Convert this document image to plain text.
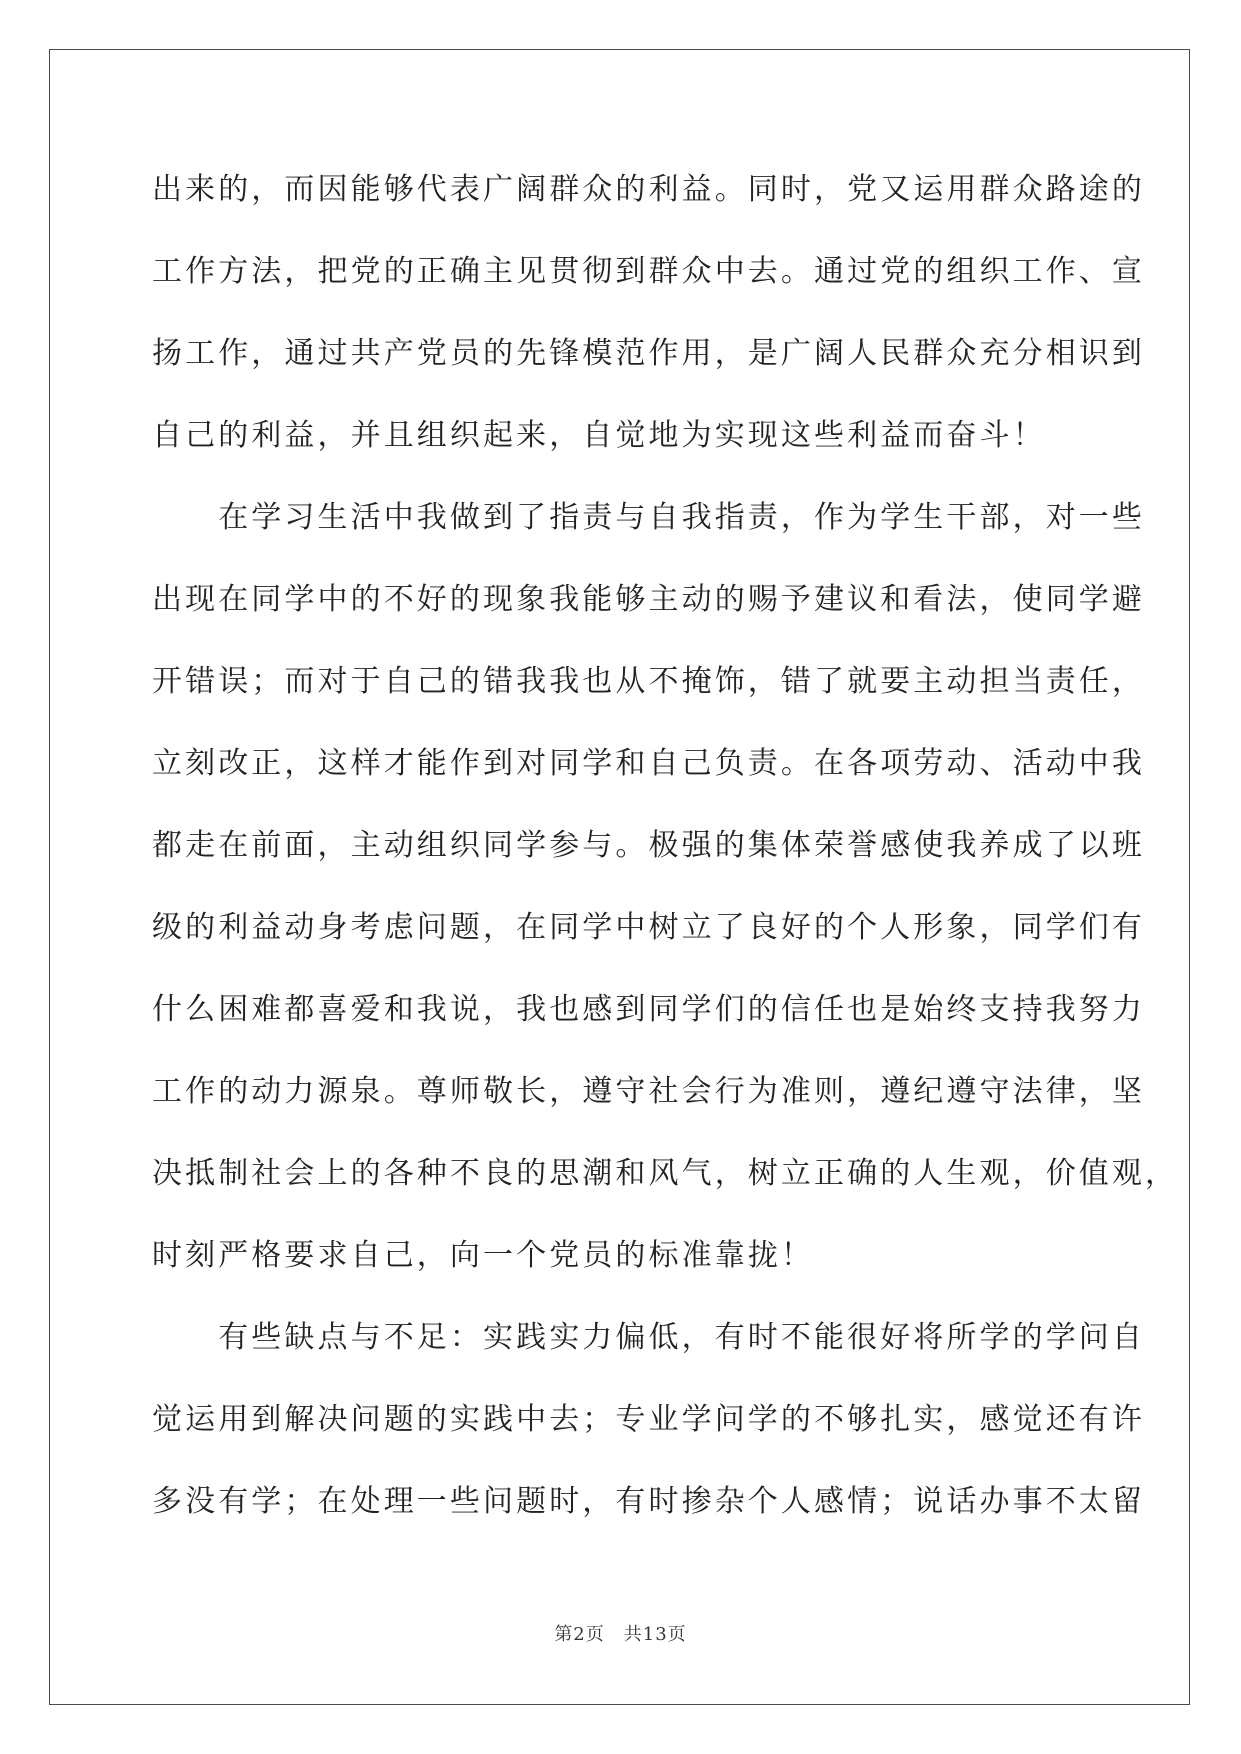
出来的，而因能够代表广阔群众的利益。同时，党又运用群众路途的
工作方法，把党的正确主见贯彻到群众中去。通过党的组织工作、宣
扬工作，通过共产党员的先锋模范作用，是广阔人民群众充分相识到
自己的利益，并且组织起来，自觉地为实现这些利益而奋斗！
　　在学习生活中我做到了指责与自我指责，作为学生干部，对一些
出现在同学中的不好的现象我能够主动的赐予建议和看法，使同学避
开错误；而对于自己的错我我也从不掩饰，错了就要主动担当责任，
立刻改正，这样才能作到对同学和自己负责。在各项劳动、活动中我
都走在前面，主动组织同学参与。极强的集体荣誉感使我养成了以班
级的利益动身考虑问题，在同学中树立了良好的个人形象，同学们有
什么困难都喜爱和我说，我也感到同学们的信任也是始终支持我努力
工作的动力源泉。尊师敬长，遵守社会行为准则，遵纪遵守法律，坚
决抵制社会上的各种不良的思潮和风气，树立正确的人生观，价值观，
时刻严格要求自己，向一个党员的标准靠拢！
　　有些缺点与不足：实践实力偏低，有时不能很好将所学的学问自
觉运用到解决问题的实践中去；专业学问学的不够扎实，感觉还有许
多没有学；在处理一些问题时，有时掺杂个人感情；说话办事不太留
第2页　共13页
